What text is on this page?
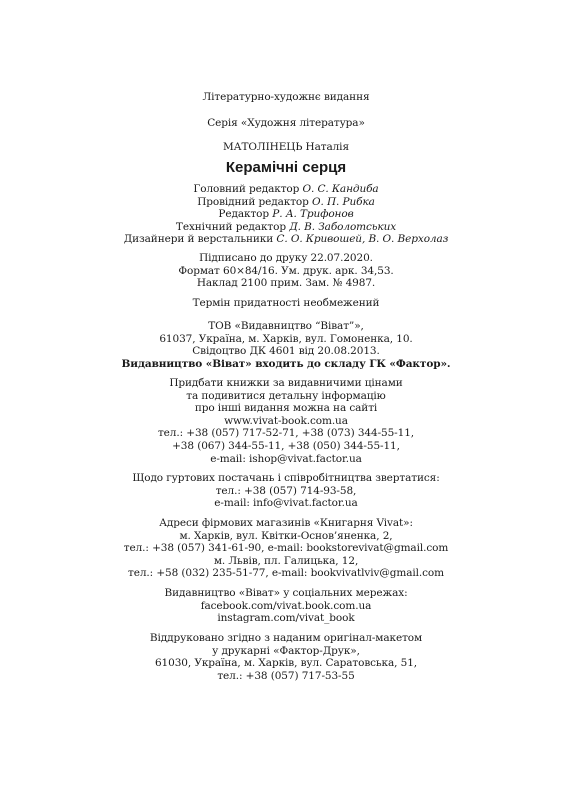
Літературно-художнє видання
Серія «Художня література»
МАТОЛІНЕЦЬ Наталія
Керамічні серця
Головний редактор О. С. Кандиба
Провідний редактор О. П. Рибка
Редактор Р. А. Трифонов
Технічний редактор Д. В. Заболотських
Дизайнери й верстальники С. О. Кривошей, В. О. Верхолаз
Підписано до друку 22.07.2020.
Формат 60×84/16. Ум. друк. арк. 34,53.
Наклад 2100 прим. Зам. № 4987.
Термін придатності необмежений
ТОВ «Видавництво “Віват”»,
61037, Україна, м. Харків, вул. Гомоненка, 10.
Свідоцтво ДК 4601 від 20.08.2013.
Видавництво «Віват» входить до складу ГК «Фактор».
Придбати книжки за видавничими цінами
та подивитися детальну інформацію
про інші видання можна на сайті
www.vivat-book.com.ua
тел.: +38 (057) 717-52-71, +38 (073) 344-55-11,
+38 (067) 344-55-11, +38 (050) 344-55-11,
e-mail: ishop@vivat.factor.ua
Щодо гуртових постачань і співробітництва звертатися:
тел.: +38 (057) 714-93-58,
e-mail: info@vivat.factor.ua
Адреси фірмових магазинів «Книгарня Vivat»:
м. Харків, вул. Квітки-Основ’яненка, 2,
тел.: +38 (057) 341-61-90, e-mail: bookstorevivat@gmail.com
м. Львів, пл. Галицька, 12,
тел.: +58 (032) 235-51-77, e-mail: bookvivatlviv@gmail.com
Видавництво «Віват» у соціальних мережах:
facebook.com/vivat.book.com.ua
instagram.com/vivat_book
Віддруковано згідно з наданим оригінал-макетом
у друкарні «Фактор-Друк»,
61030, Україна, м. Харків, вул. Саратовська, 51,
тел.: +38 (057) 717-53-55
